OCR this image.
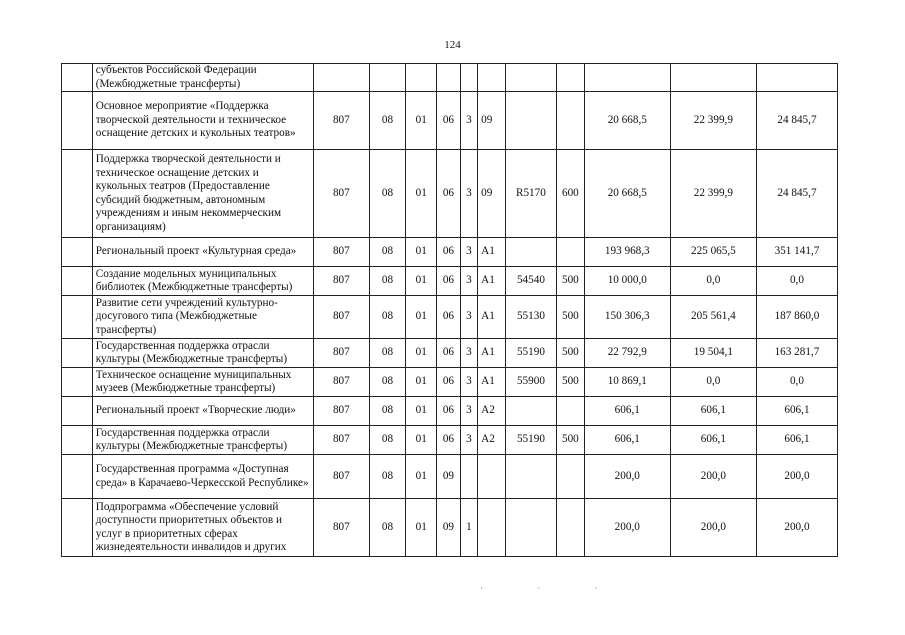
124
	субъектов Российской Федерации (Межбюджетные трансферты)											
	Основное мероприятие «Поддержка творческой деятельности и техническое оснащение детских и кукольных театров»	807	08	01	06	3	09			20 668,5	22 399,9	24 845,7
	Поддержка творческой деятельности и техническое оснащение детских и кукольных театров (Предоставление субсидий бюджетным, автономным учреждениям и иным некоммерческим организациям)	807	08	01	06	3	09	R5170	600	20 668,5	22 399,9	24 845,7
	Региональный проект «Культурная среда»	807	08	01	06	3	A1			193 968,3	225 065,5	351 141,7
	Создание модельных муниципальных библиотек (Межбюджетные трансферты)	807	08	01	06	3	A1	54540	500	10 000,0	0,0	0,0
	Развитие сети учреждений культурно-досугового типа (Межбюджетные трансферты)	807	08	01	06	3	A1	55130	500	150 306,3	205 561,4	187 860,0
	Государственная поддержка отрасли культуры (Межбюджетные трансферты)	807	08	01	06	3	A1	55190	500	22 792,9	19 504,1	163 281,7
	Техническое оснащение муниципальных музеев (Межбюджетные трансферты)	807	08	01	06	3	A1	55900	500	10 869,1	0,0	0,0
	Региональный проект «Творческие люди»	807	08	01	06	3	A2			606,1	606,1	606,1
	Государственная поддержка отрасли культуры (Межбюджетные трансферты)	807	08	01	06	3	A2	55190	500	606,1	606,1	606,1
	Государственная программа «Доступная среда» в Карачаево-Черкесской Республике»	807	08	01	09					200,0	200,0	200,0
	Подпрограмма «Обеспечение условий доступности приоритетных объектов и услуг в приоритетных сферах жизнедеятельности инвалидов и других	807	08	01	09	1				200,0	200,0	200,0
· · ·
